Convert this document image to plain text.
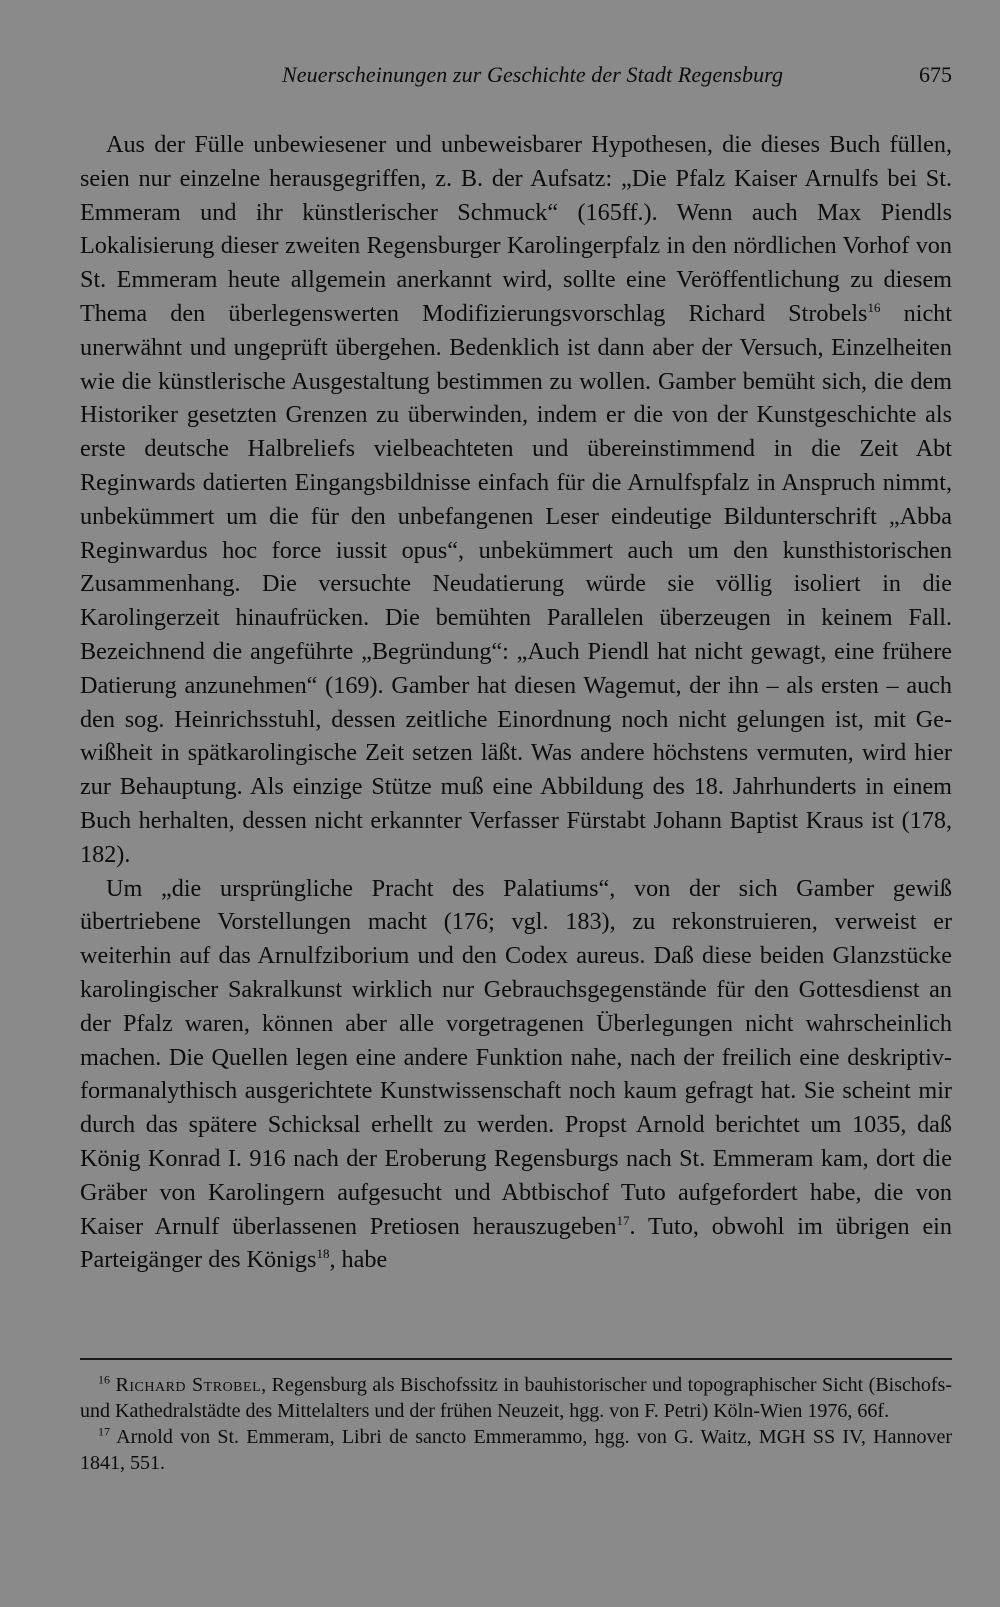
Neuerscheinungen zur Geschichte der Stadt Regensburg	675

Aus der Fülle unbewiesener und unbeweisbarer Hypothesen, die dieses Buch füllen, seien nur einzelne herausgegriffen, z. B. der Aufsatz: „Die Pfalz Kaiser Arnulfs bei St. Emmeram und ihr künstlerischer Schmuck“ (165ff.). Wenn auch Max Piendls Lokalisierung dieser zweiten Regensburger Karolingerpfalz in den nördlichen Vorhof von St. Emmeram heute allgemein anerkannt wird, sollte eine Veröffentlichung zu diesem Thema den überlegenswerten Modifizierungsvorschlag Richard Strobels$^{16}$ nicht unerwähnt und ungeprüft übergehen. Bedenklich ist dann aber der Versuch, Einzelheiten wie die künstlerische Ausgestaltung bestimmen zu wollen. Gamber bemüht sich, die dem Historiker gesetzten Grenzen zu überwinden, indem er die von der Kunstgeschichte als erste deutsche Halbreliefs vielbeachteten und übereinstimmend in die Zeit Abt Reginwards datierten Eingangsbildnisse einfach für die Arnulfspfalz in Anspruch nimmt, unbekümmert um die für den unbefangenen Leser eindeutige Bildunterschrift „Abba Reginwardus hoc force iussit opus“, unbekümmert auch um den kunsthistorischen Zusammenhang. Die versuchte Neudatierung würde sie völlig isoliert in die Karolingerzeit hinaufrücken. Die bemühten Parallelen überzeugen in keinem Fall. Bezeichnend die angeführte „Begründung“: „Auch Piendl hat nicht gewagt, eine frühere Datierung anzunehmen“ (169). Gamber hat diesen Wagemut, der ihn – als ersten – auch den sog. Heinrichsstuhl, dessen zeitliche Einordnung noch nicht gelungen ist, mit Gewißheit in spätkarolingische Zeit setzen läßt. Was andere höchstens vermuten, wird hier zur Behauptung. Als einzige Stütze muß eine Abbildung des 18. Jahrhunderts in einem Buch herhalten, dessen nicht erkannter Verfasser Fürstabt Johann Baptist Kraus ist (178, 182).

Um „die ursprüngliche Pracht des Palatiums“, von der sich Gamber gewiß übertriebene Vorstellungen macht (176; vgl. 183), zu rekonstruieren, verweist er weiterhin auf das Arnulfziborium und den Codex aureus. Daß diese beiden Glanzstücke karolingischer Sakralkunst wirklich nur Gebrauchsgegenstände für den Gottesdienst an der Pfalz waren, können aber alle vorgetragenen Überlegungen nicht wahrscheinlich machen. Die Quellen legen eine andere Funktion nahe, nach der freilich eine deskriptiv-formanalythisch ausgerichtete Kunstwissenschaft noch kaum gefragt hat. Sie scheint mir durch das spätere Schicksal erhellt zu werden. Propst Arnold berichtet um 1035, daß König Konrad I. 916 nach der Eroberung Regensburgs nach St. Emmeram kam, dort die Gräber von Karolingern aufgesucht und Abtbischof Tuto aufgefordert habe, die von Kaiser Arnulf überlassenen Pretiosen herauszugeben$^{17}$. Tuto, obwohl im übrigen ein Parteigänger des Königs$^{18}$, habe

$^{16}$ Richard Strobel, Regensburg als Bischofssitz in bauhistorischer und topographischer Sicht (Bischofs- und Kathedralstädte des Mittelalters und der frühen Neuzeit, hgg. von F. Petri) Köln-Wien 1976, 66f.

$^{17}$ Arnold von St. Emmeram, Libri de sancto Emmerammo, hgg. von G. Waitz, MGH SS IV, Hannover 1841, 551.
